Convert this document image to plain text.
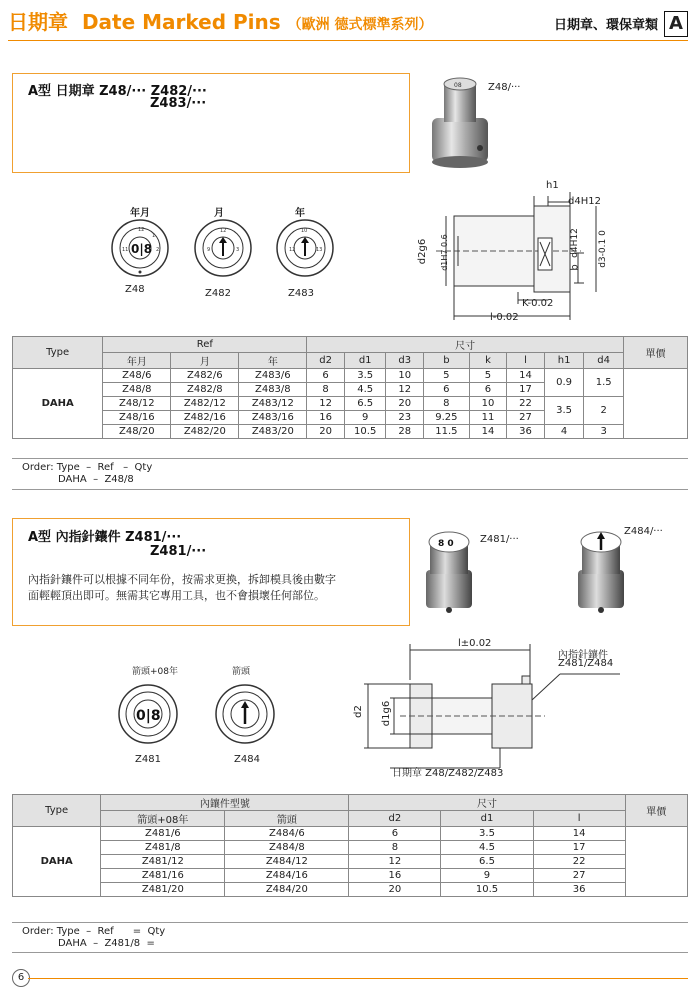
日期章 Date Marked Pins （歐洲 德式標準系列）	日期章、環保章類 A
A型 日期章 Z48/··· Z482/···
Z483/···
08	Z48/···
年月	月	年
0|8
12
1
2
11
12
9	3
10
12	13
Z48	Z482	Z483
h1
d4H12
d2g6 d1H7 0.6	d4H12
b d3-0.1 0
K-0.02
l-0.02
Type	Ref			尺寸								單價
	年月	月	年	d2	d1	d3	b	k	l	h1	d4	
DAHA	Z48/6	Z482/6	Z483/6	6	3.5	10	5	5	14	0.9	1.5	
	Z48/8	Z482/8	Z483/8	8	4.5	12	6	6	17			
	Z48/12	Z482/12	Z483/12	12	6.5	20	8	10	22	3.5	2	
	Z48/16	Z482/16	Z483/16	16	9	23	9.25	11	27			
	Z48/20	Z482/20	Z483/20	20	10.5	28	11.5	14	36	4	3	
Order: Type  –  Ref   –  Qty
DAHA  –  Z48/8
A型 內指針鑲件 Z481/···
Z481/···
內指針鑲件可以根據不同年份，按需求更換，拆卸模具後由數字
面輕輕頂出即可。無需其它專用工具，也不會損壞任何部位。
8 0	Z481/···
Z484/···
箭頭+08年	箭頭
0|8
Z481	Z484
l±0.02
d2 d1g6
內指針鑲件
Z481/Z484
日期章 Z48/Z482/Z483
Type	內鑲件型號		尺寸			單價
	箭頭+08年	箭頭	d2	d1	l	
DAHA	Z481/6	Z484/6	6	3.5	14	
	Z481/8	Z484/8	8	4.5	17	
	Z481/12	Z484/12	12	6.5	22	
	Z481/16	Z484/16	16	9	27	
	Z481/20	Z484/20	20	10.5	36	
Order: Type  –  Ref      =  Qty
DAHA  –  Z481/8  =
6
